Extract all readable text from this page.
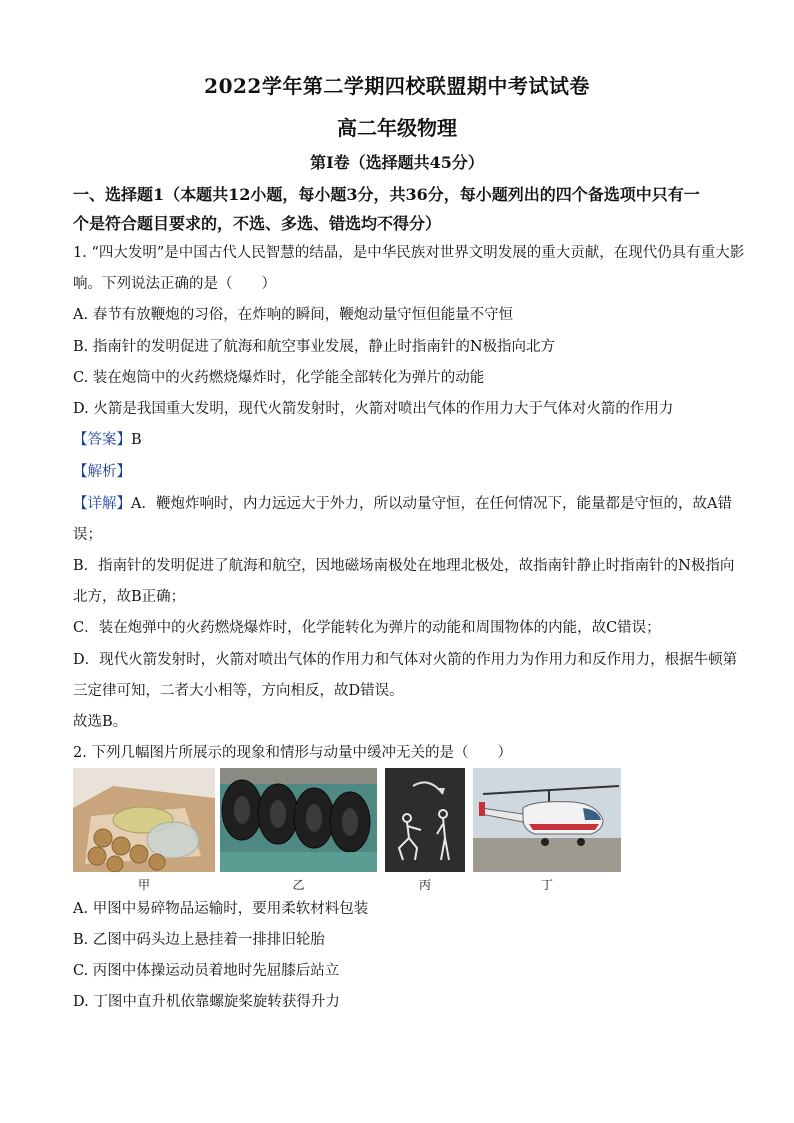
2022学年第二学期四校联盟期中考试试卷
高二年级物理
第I卷（选择题共45分）
一、选择题1（本题共12小题，每小题3分，共36分，每小题列出的四个备选项中只有一
个是符合题目要求的，不选、多选、错选均不得分）
1. “四大发明”是中国古代人民智慧的结晶，是中华民族对世界文明发展的重大贡献，在现代仍具有重大影
响。下列说法正确的是（　　）
A. 春节有放鞭炮的习俗，在炸响的瞬间，鞭炮动量守恒但能量不守恒
B. 指南针的发明促进了航海和航空事业发展，静止时指南针的N极指向北方
C. 装在炮筒中的火药燃烧爆炸时，化学能全部转化为弹片的动能
D. 火箭是我国重大发明，现代火箭发射时，火箭对喷出气体的作用力大于气体对火箭的作用力
【答案】B
【解析】
【详解】A．鞭炮炸响时，内力远远大于外力，所以动量守恒，在任何情况下，能量都是守恒的，故A错
误；
B．指南针的发明促进了航海和航空，因地磁场南极处在地理北极处，故指南针静止时指南针的N极指向
北方，故B正确；
C．装在炮弹中的火药燃烧爆炸时，化学能转化为弹片的动能和周围物体的内能，故C错误；
D．现代火箭发射时，火箭对喷出气体的作用力和气体对火箭的作用力为作用力和反作用力，根据牛顿第
三定律可知，二者大小相等，方向相反，故D错误。
故选B。
2. 下列几幅图片所展示的现象和情形与动量中缓冲无关的是（　　）
甲	乙	丙	丁
A. 甲图中易碎物品运输时，要用柔软材料包装
B. 乙图中码头边上悬挂着一排排旧轮胎
C. 丙图中体操运动员着地时先屈膝后站立
D. 丁图中直升机依靠螺旋桨旋转获得升力
